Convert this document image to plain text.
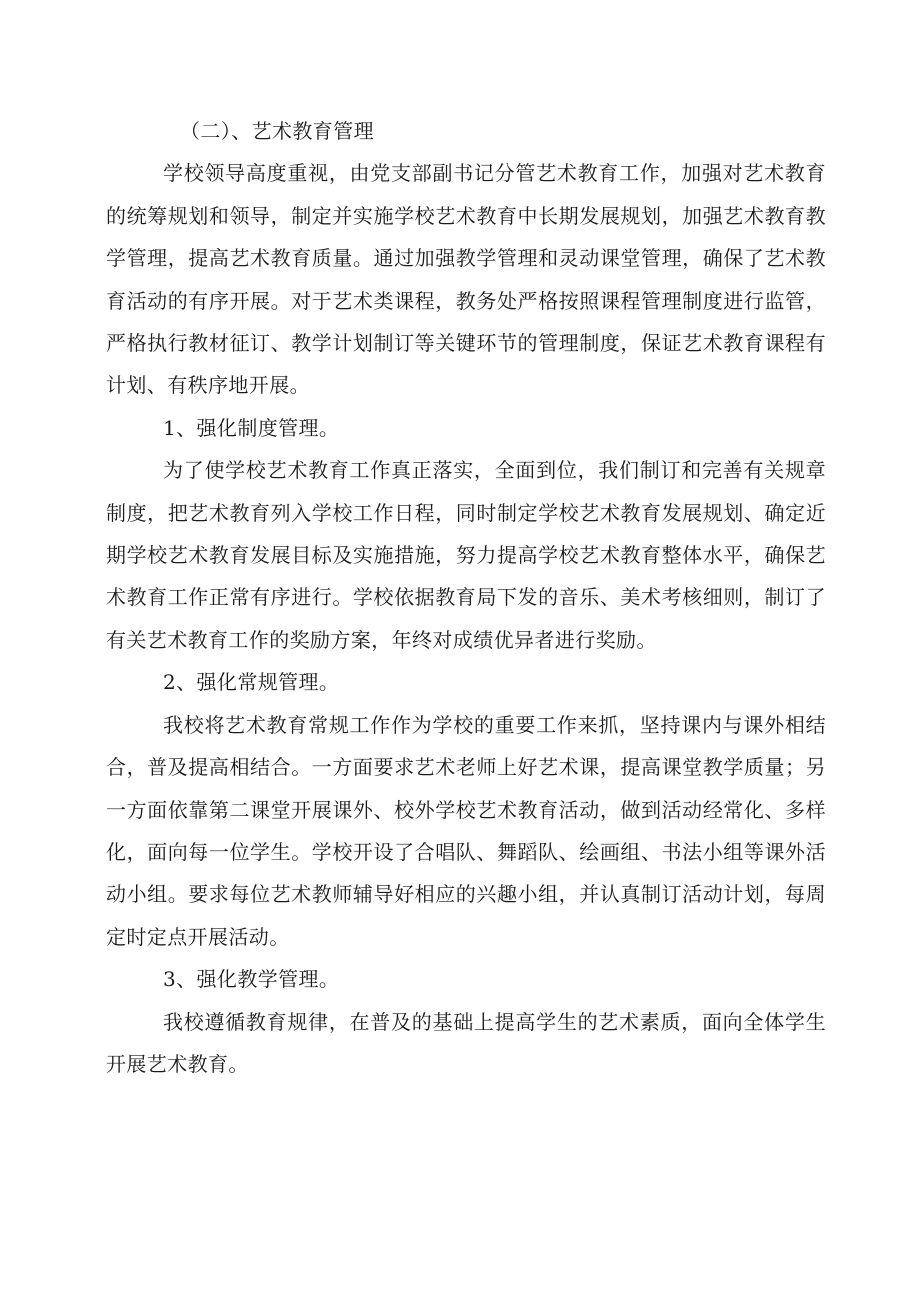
（二）、艺术教育管理

学校领导高度重视，由党支部副书记分管艺术教育工作，加强对艺术教育的统筹规划和领导，制定并实施学校艺术教育中长期发展规划，加强艺术教育教学管理，提高艺术教育质量。通过加强教学管理和灵动课堂管理，确保了艺术教育活动的有序开展。对于艺术类课程，教务处严格按照课程管理制度进行监管，严格执行教材征订、教学计划制订等关键环节的管理制度，保证艺术教育课程有计划、有秩序地开展。

1、强化制度管理。

为了使学校艺术教育工作真正落实，全面到位，我们制订和完善有关规章制度，把艺术教育列入学校工作日程，同时制定学校艺术教育发展规划、确定近期学校艺术教育发展目标及实施措施，努力提高学校艺术教育整体水平，确保艺术教育工作正常有序进行。学校依据教育局下发的音乐、美术考核细则，制订了有关艺术教育工作的奖励方案，年终对成绩优异者进行奖励。

2、强化常规管理。

我校将艺术教育常规工作作为学校的重要工作来抓，坚持课内与课外相结合，普及提高相结合。一方面要求艺术老师上好艺术课，提高课堂教学质量；另一方面依靠第二课堂开展课外、校外学校艺术教育活动，做到活动经常化、多样化，面向每一位学生。学校开设了合唱队、舞蹈队、绘画组、书法小组等课外活动小组。要求每位艺术教师辅导好相应的兴趣小组，并认真制订活动计划，每周定时定点开展活动。

3、强化教学管理。

我校遵循教育规律，在普及的基础上提高学生的艺术素质，面向全体学生开展艺术教育。
